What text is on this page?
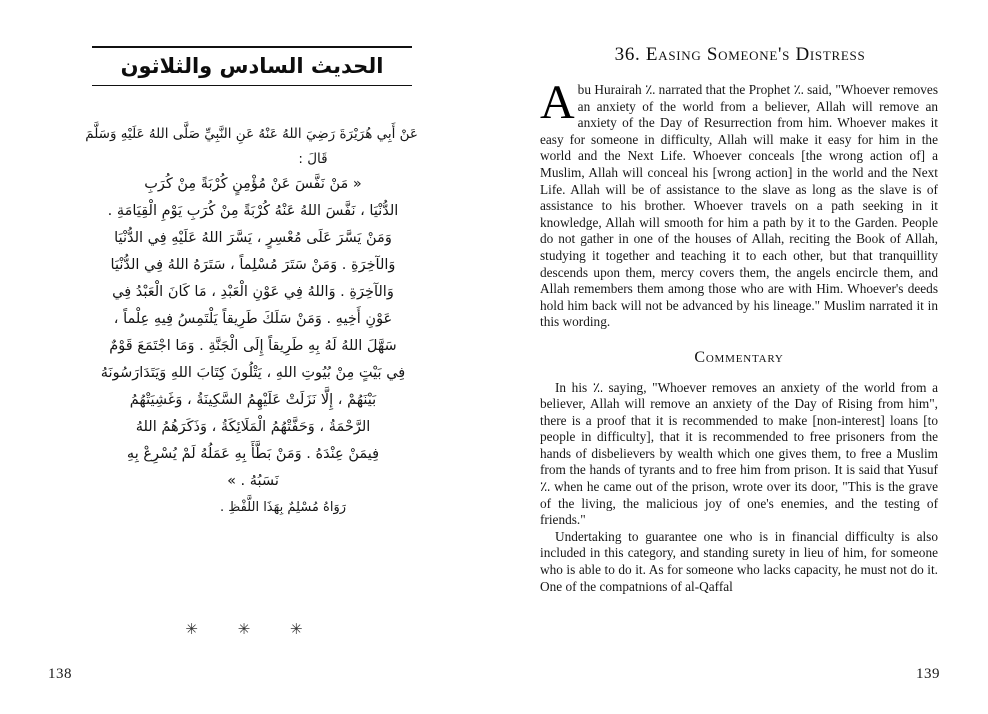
الحديث السادس والثلاثون
عَنْ أَبِي هُرَيْرَةَ رَضِيَ اللهُ عَنْهُ عَنِ النَّبِيِّ صَلَّى اللهُ عَلَيْهِ وَسَلَّمَ
قَالَ :
« مَنْ نَفَّسَ عَنْ مُؤْمِنٍ كُرْبَةً مِنْ كُرَبِ
الدُّنْيَا ، نَفَّسَ اللهُ عَنْهُ كُرْبَةً مِنْ كُرَبِ يَوْمِ الْقِيَامَةِ .
وَمَنْ يَسَّرَ عَلَى مُعْسِرٍ ، يَسَّرَ اللهُ عَلَيْهِ فِي الدُّنْيَا
وَالآخِرَةِ . وَمَنْ سَتَرَ مُسْلِماً ، سَتَرَهُ اللهُ فِي الدُّنْيَا
وَالآخِرَةِ . وَاللهُ فِي عَوْنِ الْعَبْدِ ، مَا كَانَ الْعَبْدُ فِي
عَوْنِ أَخِيهِ . وَمَنْ سَلَكَ طَرِيقاً يَلْتَمِسُ فِيهِ عِلْماً ،
سَهَّلَ اللهُ لَهُ بِهِ طَرِيقاً إِلَى الْجَنَّةِ . وَمَا اجْتَمَعَ قَوْمٌ
فِي بَيْتٍ مِنْ بُيُوتِ اللهِ ، يَتْلُونَ كِتَابَ اللهِ وَيَتَدَارَسُونَهُ
بَيْنَهُمْ ، إِلَّا نَزَلَتْ عَلَيْهِمُ السَّكِينَةُ ، وَغَشِيَتْهُمُ
الرَّحْمَةُ ، وَحَفَّتْهُمُ الْمَلَائِكَةُ ، وَذَكَرَهُمُ اللهُ
فِيمَنْ عِنْدَهُ . وَمَنْ بَطَّأَ بِهِ عَمَلُهُ لَمْ يُسْرِعْ بِهِ
نَسَبُهُ . »
رَوَاهُ مُسْلِمٌ بِهَذَا اللَّفْظِ .
✳ ✳ ✳
138
36. Easing Someone's Distress

Abu Hurairah ؉ narrated that the Prophet ؉ said, "Whoever removes an anxiety of the world from a believer, Allah will remove an anxiety of the Day of Resurrection from him. Whoever makes it easy for someone in difficulty, Allah will make it easy for him in the world and the Next Life. Whoever conceals [the wrong action of] a Muslim, Allah will conceal his [wrong action] in the world and the Next Life. Allah will be of assistance to the slave as long as the slave is of assistance to his brother. Whoever travels on a path seeking in it knowledge, Allah will smooth for him a path by it to the Garden. People do not gather in one of the houses of Allah, reciting the Book of Allah, studying it together and teaching it to each other, but that tranquillity descends upon them, mercy covers them, the angels encircle them, and Allah remembers them among those who are with Him. Whoever's deeds hold him back will not be advanced by his lineage." Muslim narrated it in this wording.

Commentary

In his ؉ saying, "Whoever removes an anxiety of the world from a believer, Allah will remove an anxiety of the Day of Rising from him", there is a proof that it is recommended to make [non-interest] loans [to people in difficulty], that it is recommended to free prisoners from the hands of disbelievers by wealth which one gives them, to free a Muslim from the hands of tyrants and to free him from prison. It is said that Yusuf ؉ when he came out of the prison, wrote over its door, "This is the grave of the living, the malicious joy of one's enemies, and the testing of friends."

Undertaking to guarantee one who is in financial difficulty is also included in this category, and standing surety in lieu of him, for someone who is able to do it. As for someone who lacks capacity, he must not do it. One of the compatnions of al-Qaffal

139
